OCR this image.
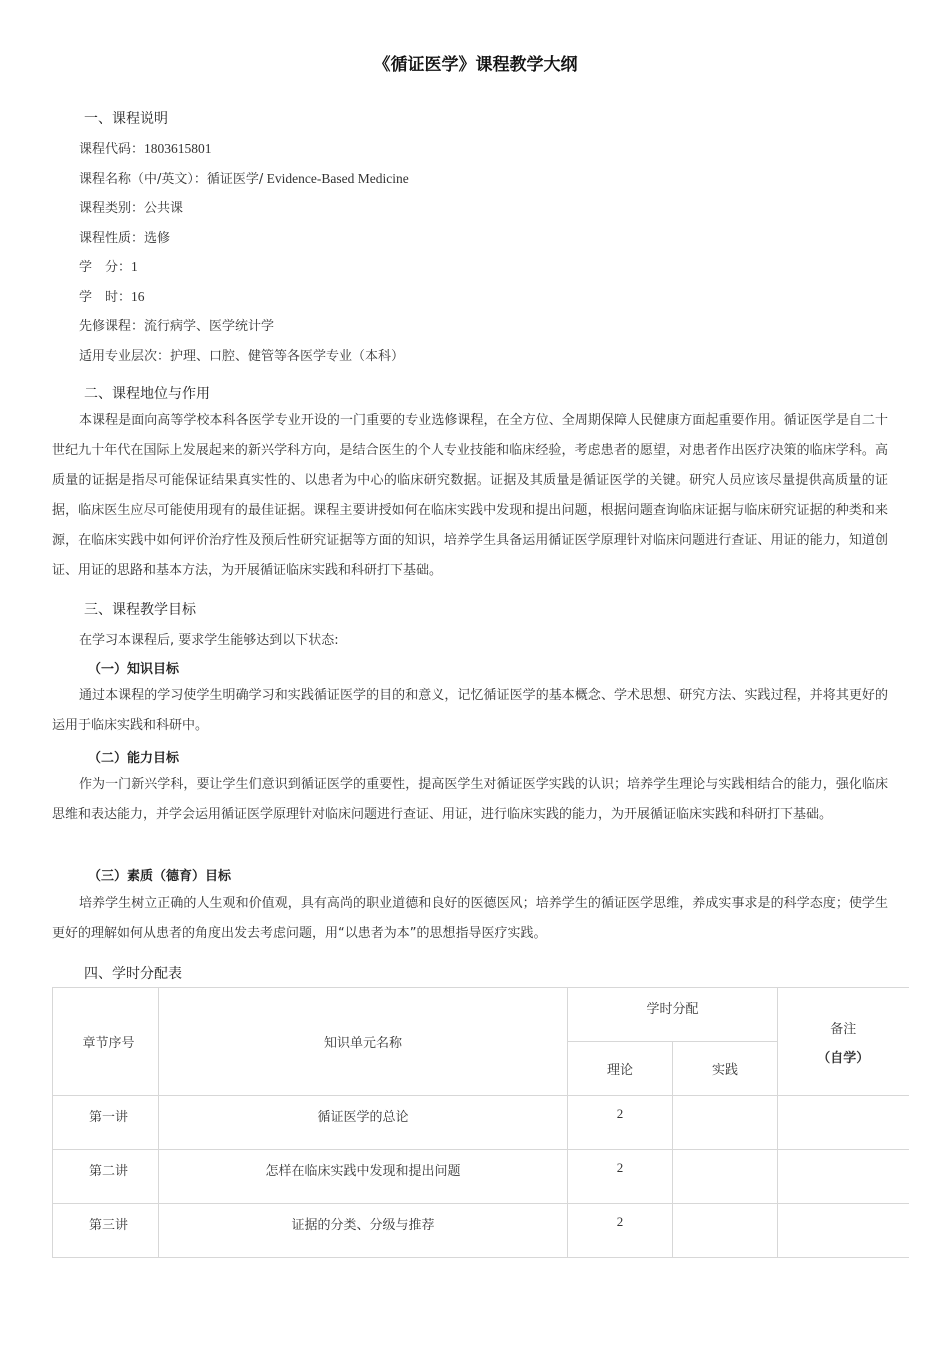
《循证医学》课程教学大纲
一、课程说明
课程代码：1803615801
课程名称（中/英文）：循证医学/ Evidence-Based Medicine
课程类别：公共课
课程性质：选修
学　分：1
学　时：16
先修课程：流行病学、医学统计学
适用专业层次：护理、口腔、健管等各医学专业（本科）
二、课程地位与作用

本课程是面向高等学校本科各医学专业开设的一门重要的专业选修课程，在全方位、全周期保障人民健康方面起重要作用。循证医学是自二十世纪九十年代在国际上发展起来的新兴学科方向，是结合医生的个人专业技能和临床经验，考虑患者的愿望，对患者作出医疗决策的临床学科。高质量的证据是指尽可能保证结果真实性的、以患者为中心的临床研究数据。证据及其质量是循证医学的关键。研究人员应该尽量提供高质量的证据，临床医生应尽可能使用现有的最佳证据。课程主要讲授如何在临床实践中发现和提出问题，根据问题查询临床证据与临床研究证据的种类和来源，在临床实践中如何评价治疗性及预后性研究证据等方面的知识，培养学生具备运用循证医学原理针对临床问题进行查证、用证的能力，知道创证、用证的思路和基本方法，为开展循证临床实践和科研打下基础。

三、课程教学目标
在学习本课程后, 要求学生能够达到以下状态:
（一）知识目标

通过本课程的学习使学生明确学习和实践循证医学的目的和意义，记忆循证医学的基本概念、学术思想、研究方法、实践过程，并将其更好的运用于临床实践和科研中。

（二）能力目标

作为一门新兴学科，要让学生们意识到循证医学的重要性，提高医学生对循证医学实践的认识；培养学生理论与实践相结合的能力，强化临床思维和表达能力，并学会运用循证医学原理针对临床问题进行查证、用证，进行临床实践的能力，为开展循证临床实践和科研打下基础。

（三）素质（德育）目标

培养学生树立正确的人生观和价值观，具有高尚的职业道德和良好的医德医风；培养学生的循证医学思维，养成实事求是的科学态度；使学生更好的理解如何从患者的角度出发去考虑问题，用“以患者为本”的思想指导医疗实践。

四、学时分配表
章节序号	知识单元名称	学时分配		备注
（自学）

		理论	实践	
第一讲	循证医学的总论	2		
第二讲	怎样在临床实践中发现和提出问题	2		
第三讲	证据的分类、分级与推荐	2		
